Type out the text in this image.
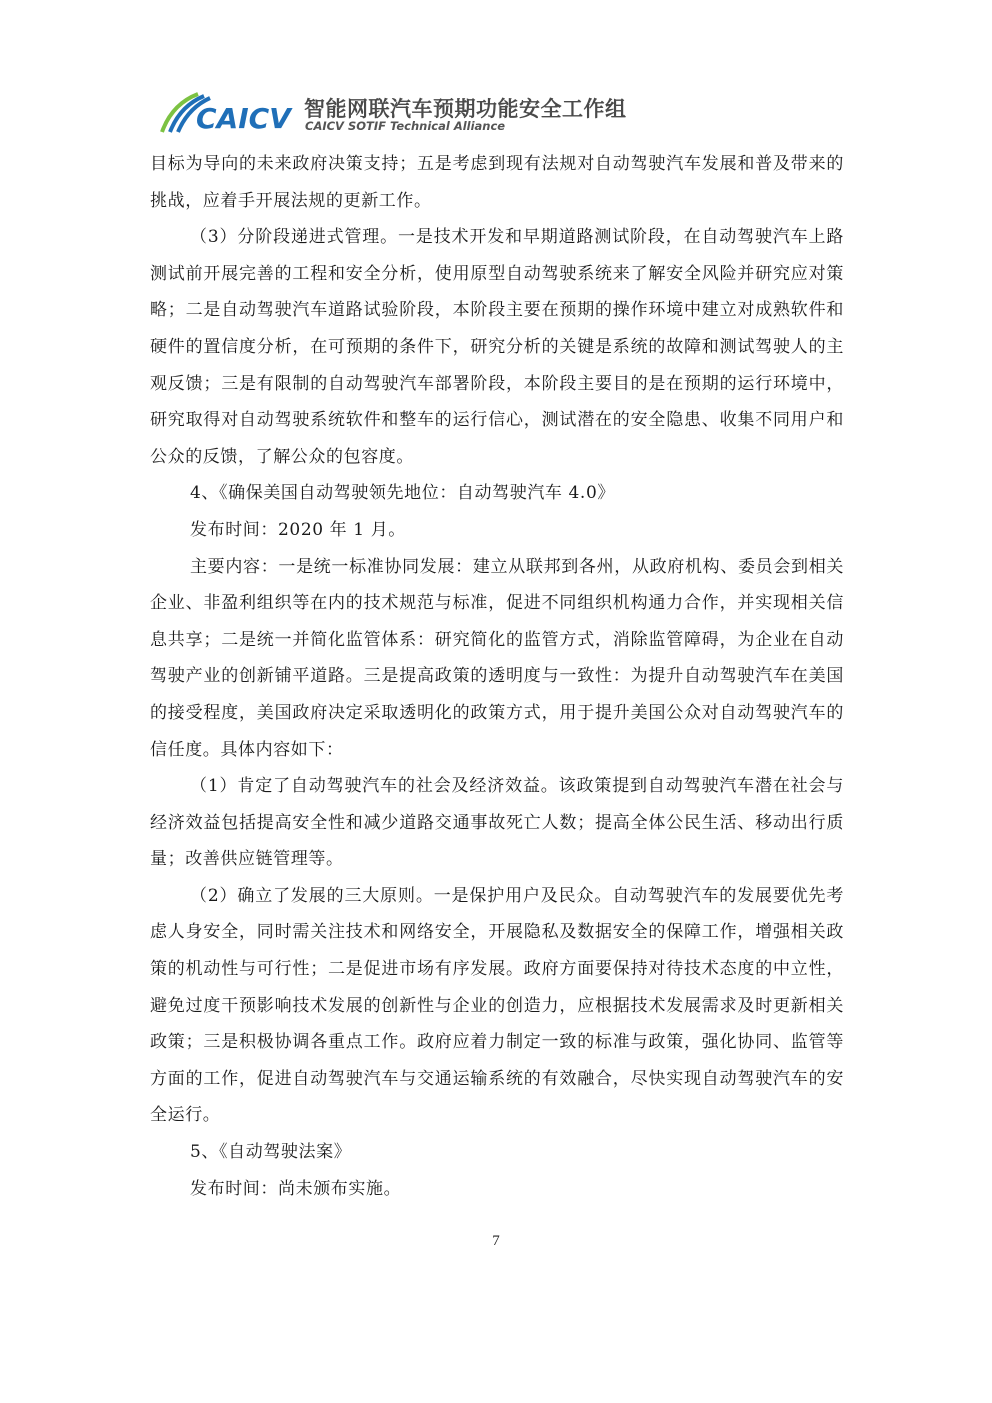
CAICV 智能网联汽车预期功能安全工作组
CAICV SOTIF Technical Alliance

目标为导向的未来政府决策支持；五是考虑到现有法规对自动驾驶汽车发展和普及带来的挑战，应着手开展法规的更新工作。

（3）分阶段递进式管理。一是技术开发和早期道路测试阶段，在自动驾驶汽车上路测试前开展完善的工程和安全分析，使用原型自动驾驶系统来了解安全风险并研究应对策略；二是自动驾驶汽车道路试验阶段，本阶段主要在预期的操作环境中建立对成熟软件和硬件的置信度分析，在可预期的条件下，研究分析的关键是系统的故障和测试驾驶人的主观反馈；三是有限制的自动驾驶汽车部署阶段，本阶段主要目的是在预期的运行环境中，研究取得对自动驾驶系统软件和整车的运行信心，测试潜在的安全隐患、收集不同用户和公众的反馈，了解公众的包容度。

4、《确保美国自动驾驶领先地位：自动驾驶汽车 4.0》

发布时间：2020 年 1 月。

主要内容：一是统一标准协同发展：建立从联邦到各州，从政府机构、委员会到相关企业、非盈利组织等在内的技术规范与标准，促进不同组织机构通力合作，并实现相关信息共享；二是统一并简化监管体系：研究简化的监管方式，消除监管障碍，为企业在自动驾驶产业的创新铺平道路。三是提高政策的透明度与一致性：为提升自动驾驶汽车在美国的接受程度，美国政府决定采取透明化的政策方式，用于提升美国公众对自动驾驶汽车的信任度。具体内容如下：

（1）肯定了自动驾驶汽车的社会及经济效益。该政策提到自动驾驶汽车潜在社会与经济效益包括提高安全性和减少道路交通事故死亡人数；提高全体公民生活、移动出行质量；改善供应链管理等。

（2）确立了发展的三大原则。一是保护用户及民众。自动驾驶汽车的发展要优先考虑人身安全，同时需关注技术和网络安全，开展隐私及数据安全的保障工作，增强相关政策的机动性与可行性；二是促进市场有序发展。政府方面要保持对待技术态度的中立性，避免过度干预影响技术发展的创新性与企业的创造力，应根据技术发展需求及时更新相关政策；三是积极协调各重点工作。政府应着力制定一致的标准与政策，强化协同、监管等方面的工作，促进自动驾驶汽车与交通运输系统的有效融合，尽快实现自动驾驶汽车的安全运行。

5、《自动驾驶法案》

发布时间：尚未颁布实施。

7
